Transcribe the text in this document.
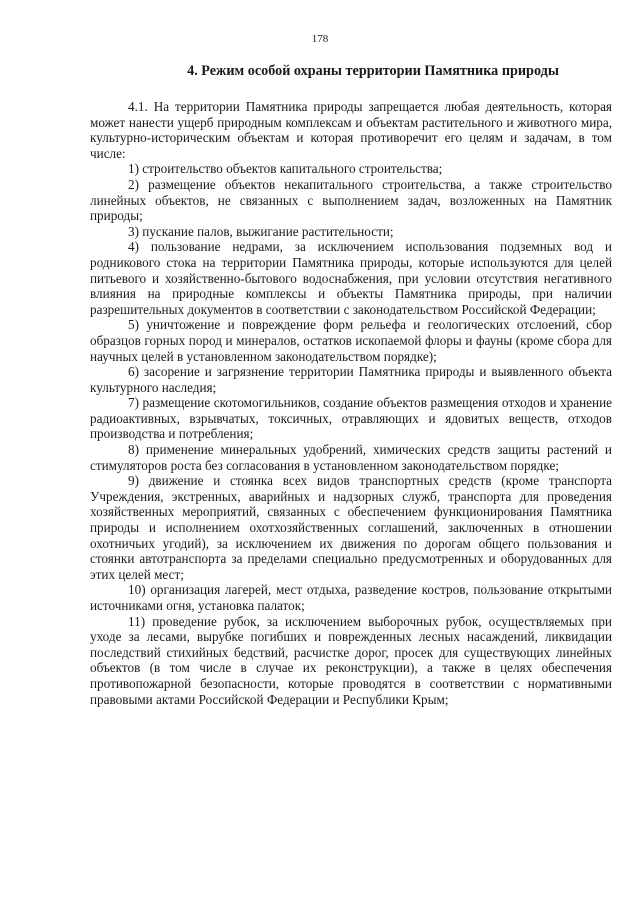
178
4. Режим особой охраны территории Памятника природы

4.1. На территории Памятника природы запрещается любая деятельность, которая может нанести ущерб природным комплексам и объектам растительного и животного мира, культурно-историческим объектам и которая противоречит его целям и задачам, в том числе:

1) строительство объектов капитального строительства;

2) размещение объектов некапитального строительства, а также строительство линейных объектов, не связанных с выполнением задач, возложенных на Памятник природы;

3) пускание палов, выжигание растительности;

4) пользование недрами, за исключением использования подземных вод и родникового стока на территории Памятника природы, которые используются для целей питьевого и хозяйственно-бытового водоснабжения, при условии отсутствия негативного влияния на природные комплексы и объекты Памятника природы, при наличии разрешительных документов в соответствии с законодательством Российской Федерации;

5) уничтожение и повреждение форм рельефа и геологических отслоений, сбор образцов горных пород и минералов, остатков ископаемой флоры и фауны (кроме сбора для научных целей в установленном законодательством порядке);

6) засорение и загрязнение территории Памятника природы и выявленного объекта культурного наследия;

7) размещение скотомогильников, создание объектов размещения отходов и хранение радиоактивных, взрывчатых, токсичных, отравляющих и ядовитых веществ, отходов производства и потребления;

8) применение минеральных удобрений, химических средств защиты растений и стимуляторов роста без согласования в установленном законодательством порядке;

9) движение и стоянка всех видов транспортных средств (кроме транспорта Учреждения, экстренных, аварийных и надзорных служб, транспорта для проведения хозяйственных мероприятий, связанных с обеспечением функционирования Памятника природы и исполнением охотхозяйственных соглашений, заключенных в отношении охотничьих угодий), за исключением их движения по дорогам общего пользования и стоянки автотранспорта за пределами специально предусмотренных и оборудованных для этих целей мест;

10) организация лагерей, мест отдыха, разведение костров, пользование открытыми источниками огня, установка палаток;

11) проведение рубок, за исключением выборочных рубок, осуществляемых при уходе за лесами, вырубке погибших и поврежденных лесных насаждений, ликвидации последствий стихийных бедствий, расчистке дорог, просек для существующих линейных объектов (в том числе в случае их реконструкции), а также в целях обеспечения противопожарной безопасности, которые проводятся в соответствии с нормативными правовыми актами Российской Федерации и Республики Крым;
